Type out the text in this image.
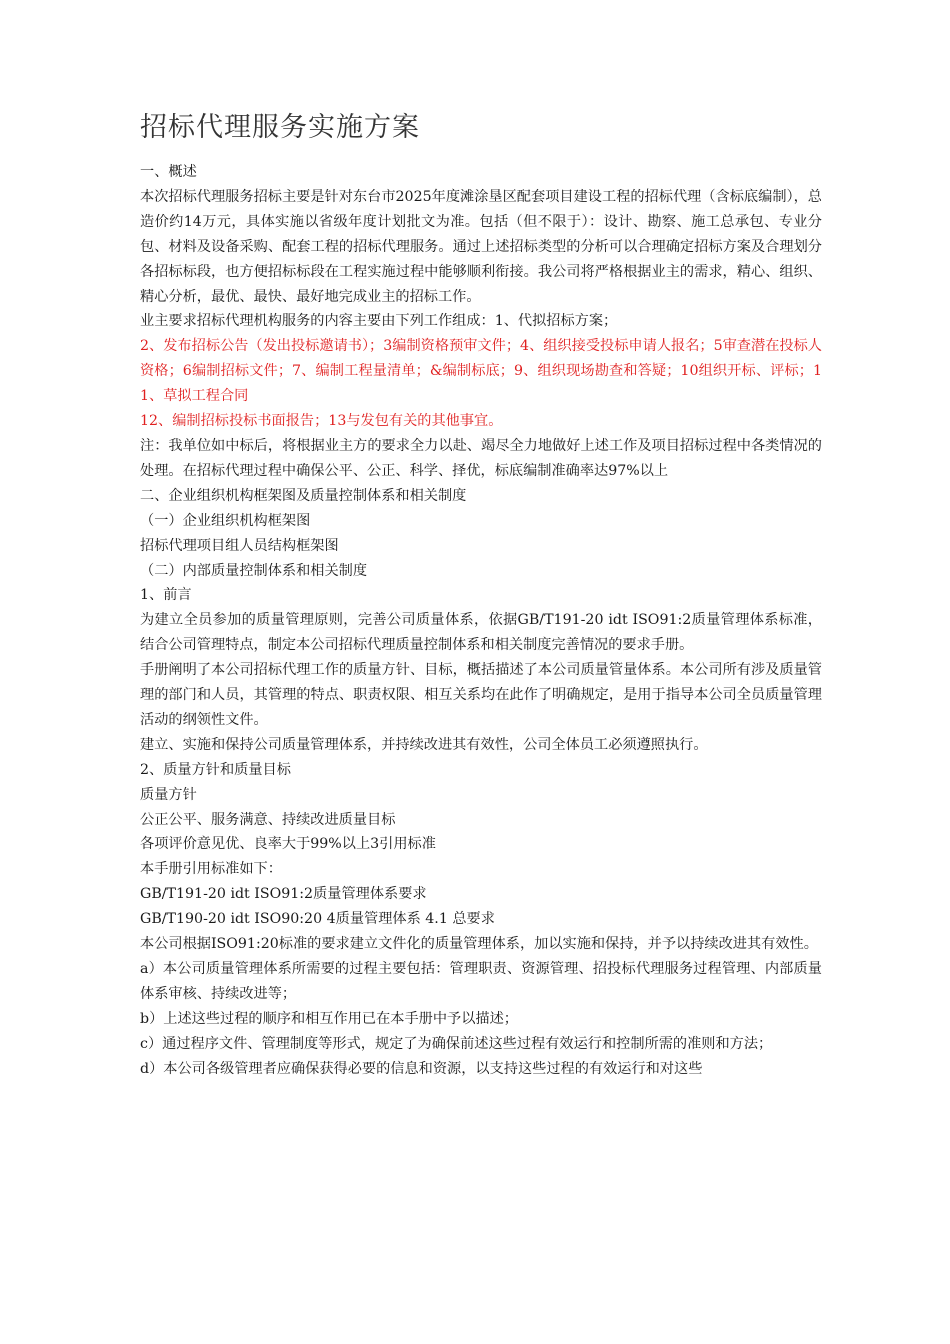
招标代理服务实施方案

一、概述

本次招标代理服务招标主要是针对东台市2025年度滩涂垦区配套项目建设工程的招标代理（含标底编制），总造价约14万元，具体实施以省级年度计划批文为准。包括（但不限于）：设计、勘察、施工总承包、专业分包、材料及设备采购、配套工程的招标代理服务。通过上述招标类型的分析可以合理确定招标方案及合理划分各招标标段，也方便招标标段在工程实施过程中能够顺利衔接。我公司将严格根据业主的需求，精心、组织、精心分析，最优、最快、最好地完成业主的招标工作。

业主要求招标代理机构服务的内容主要由下列工作组成：1、代拟招标方案；

2、发布招标公告（发出投标邀请书）；3编制资格预审文件；4、组织接受投标申请人报名；5审查潜在投标人资格；6编制招标文件；7、编制工程量清单；&编制标底；9、组织现场勘查和答疑；10组织开标、评标；11、草拟工程合同

12、编制招标投标书面报告；13与发包有关的其他事宜。

注：我单位如中标后，将根据业主方的要求全力以赴、竭尽全力地做好上述工作及项目招标过程中各类情况的处理。在招标代理过程中确保公平、公正、科学、择优，标底编制准确率达97%以上

二、企业组织机构框架图及质量控制体系和相关制度

（一）企业组织机构框架图

招标代理项目组人员结构框架图

（二）内部质量控制体系和相关制度

1、前言

为建立全员参加的质量管理原则，完善公司质量体系，依据GB/T191-20 idt ISO91:2质量管理体系标准，结合公司管理特点，制定本公司招标代理质量控制体系和相关制度完善情况的要求手册。

手册阐明了本公司招标代理工作的质量方针、目标，概括描述了本公司质量管量体系。本公司所有涉及质量管理的部门和人员，其管理的特点、职责权限、相互关系均在此作了明确规定，是用于指导本公司全员质量管理活动的纲领性文件。

建立、实施和保持公司质量管理体系，并持续改进其有效性，公司全体员工必须遵照执行。

2、质量方针和质量目标

质量方针

公正公平、服务满意、持续改进质量目标

各项评价意见优、良率大于99%以上3引用标准

本手册引用标准如下：

GB/T191-20 idt ISO91:2质量管理体系要求

GB/T190-20 idt ISO90:20 4质量管理体系 4.1 总要求

本公司根据ISO91:20标准的要求建立文件化的质量管理体系，加以实施和保持，并予以持续改进其有效性。

a）本公司质量管理体系所需要的过程主要包括：管理职责、资源管理、招投标代理服务过程管理、内部质量体系审核、持续改进等；

b）上述这些过程的顺序和相互作用已在本手册中予以描述；

c）通过程序文件、管理制度等形式，规定了为确保前述这些过程有效运行和控制所需的准则和方法；

d）本公司各级管理者应确保获得必要的信息和资源，以支持这些过程的有效运行和对这些
